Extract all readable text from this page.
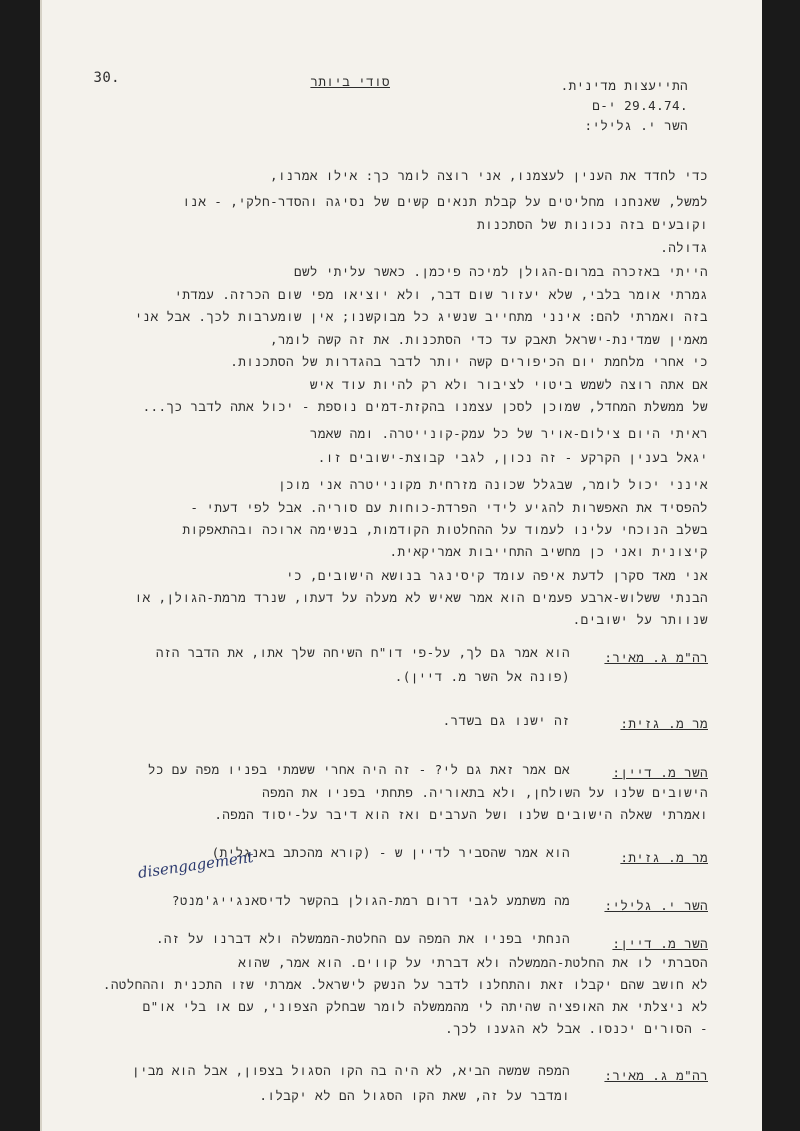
.30	סודי ביותר	התייעצות מדינית.
.29.4.74 י-ם
השר י. גלילי:
כדי לחדד את הענין לעצמנו, אני רוצה לומר כך: אילו אמרנו,
למשל, שאנחנו מחליטים על קבלת תנאים קשים של נסיגה והסדר-חלקי, - אנו
וקובעים בזה נכונות של הסתכנות
גדולה.
הייתי באזכרה במרום-הגולן למיכה פיכמן. כאשר עליתי לשם
גמרתי אומר בלבי, שלא יעזור שום דבר, ולא יוציאו מפי שום הכרזה. עמדתי
בזה ואמרתי להם: אינני מתחייב שנשיג כל מבוקשנו; אין שומערבות לכך. אבל אני
מאמין שמדינת-ישראל תאבק עד כדי הסתכנות. את זה קשה לומר,
כי אחרי מלחמת יום הכיפורים קשה יותר לדבר בהגדרות של הסתכנות.
אם אתה רוצה לשמש ביטוי לציבור ולא רק להיות עוד איש
של ממשלת המחדל, שמוכן לסכן עצמנו בהקזת-דמים נוספת - יכול אתה לדבר כך...
ראיתי היום צילום-אויר של כל עמק-קונייטרה. ומה שאמר
יגאל בענין הקרקע - זה נכון, לגבי קבוצת-ישובים זו.
אינני יכול לומר, שבגלל שכונה מזרחית מקונייטרה אני מוכן
להפסיד את האפשרות להגיע לידי הפרדת-כוחות עם סוריה. אבל לפי דעתי -
בשלב הנוכחי עלינו לעמוד על ההחלטות הקודמות, בנשימה ארוכה ובהתאפקות
קיצונית ואני כן מחשיב התחייבות אמריקאית.
אני מאד סקרן לדעת איפה עומד קיסינגר בנושא הישובים, כי
הבנתי ששלוש-ארבע פעמים הוא אמר שאיש לא מעלה על דעתו, שנרד מרמת-הגולן, או
שנוותר על ישובים.
רה"מ ג. מאיר:
הוא אמר גם לך, על-פי דו"ח השיחה שלך אתו, את הדבר הזה
(פונה אל השר מ. דיין).
מר מ. גזית:
זה ישנו גם בשדר.
השר מ. דיין:
אם אמר זאת גם לי? - זה היה אחרי ששמתי בפניו מפה עם כל
הישובים שלנו על השולחן, ולא בתאוריה. פתחתי בפניו את המפה
ואמרתי שאלה הישובים שלנו ושל הערבים ואז הוא דיבר על-יסוד המפה.
מר מ. גזית:
הוא אמר שהסביר לדיין ש - (קורא מהכתב באנגלית)
disengagement
השר י. גלילי:
מה משתמע לגבי דרום רמת-הגולן בהקשר לדיסאנגייג'מנט?
השר מ. דיין:
הנחתי בפניו את המפה עם החלטת-הממשלה ולא דברנו על זה.
הסברתי לו את החלטת-הממשלה ולא דברתי על קווים. הוא אמר, שהוא
לא חושב שהם יקבלו זאת והתחלנו לדבר על הנשק לישראל. אמרתי שזו התכנית וההחלטה.
לא ניצלתי את האופציה שהיתה לי מהממשלה לומר שבחלק הצפוני, עם או בלי או"ם
- הסורים יכנסו. אבל לא הגענו לכך.
רה"מ ג. מאיר:
המפה שמשה הביא, לא היה בה הקו הסגול בצפון, אבל הוא מבין
ומדבר על זה, שאת הקו הסגול הם לא יקבלו.
